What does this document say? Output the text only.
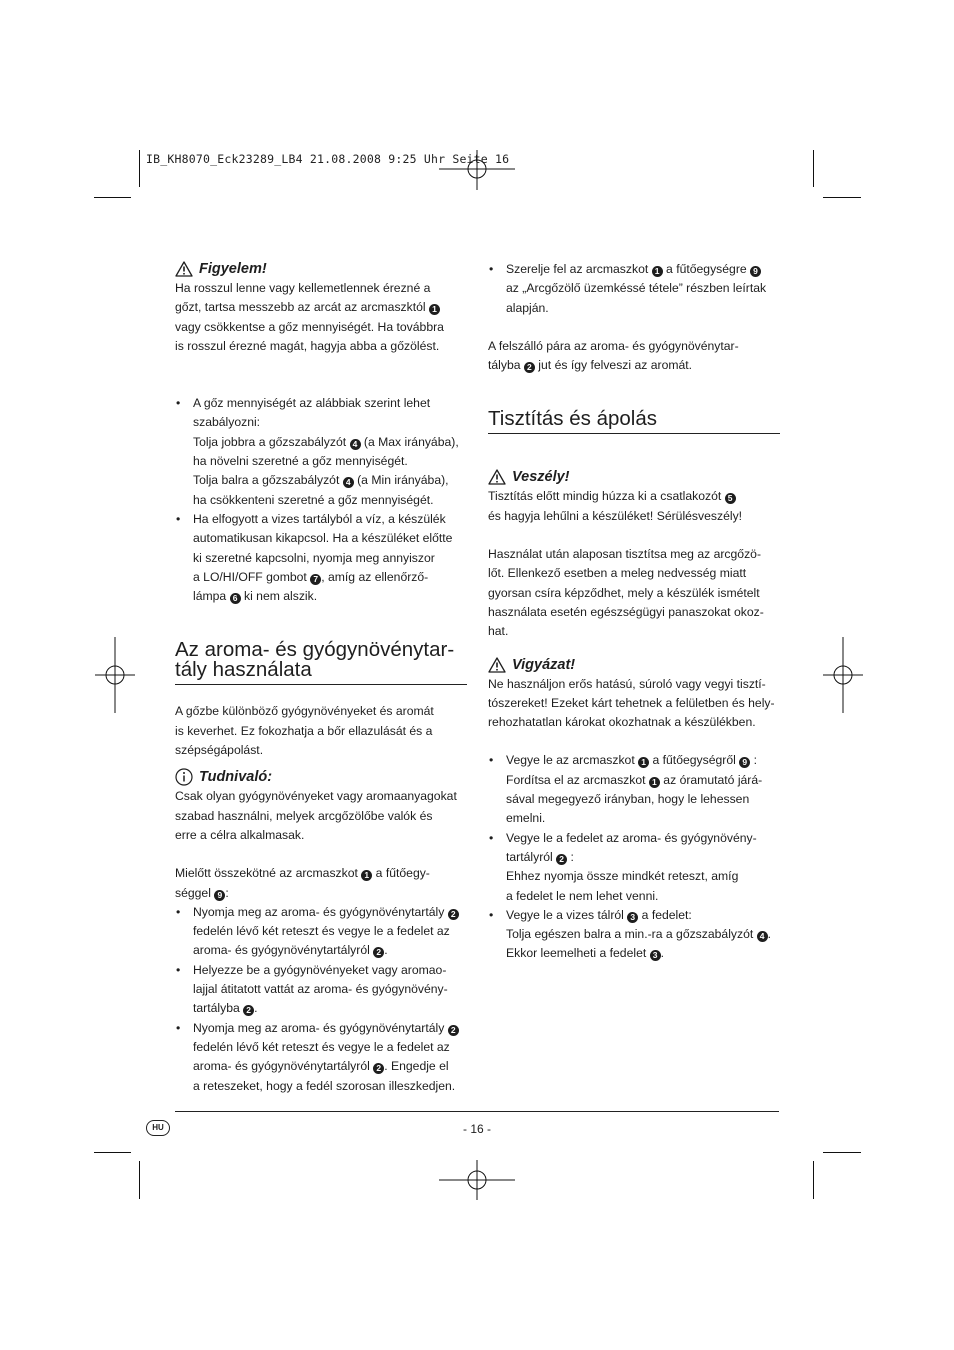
IB_KH8070_Eck23289_LB4 21.08.2008 9:25 Uhr Seite 16
Figyelem!

Ha rosszul lenne vagy kellemetlennek érezné a

gőzt, tartsa messzebb az arcát az arcmaszktól 1

vagy csökkentse a gőz mennyiségét. Ha továbbra

is rosszul érezné magát, hagyja abba a gőzölést.

• A gőz mennyiségét az alábbiak szerint lehet

szabályozni:

Tolja jobbra a gőzszabályzót 4 (a Max irányába),

ha növelni szeretné a gőz mennyiségét.

Tolja balra a gőzszabályzót 4 (a Min irányába),

ha csökkenteni szeretné a gőz mennyiségét.

• Ha elfogyott a vizes tartályból a víz, a készülék

automatikusan kikapcsol. Ha a készüléket előtte

ki szeretné kapcsolni, nyomja meg annyiszor

a LO/HI/OFF gombot 7 , amíg az ellenőrző-

lámpa 6 ki nem alszik.

Az aroma- és gyógynövénytar-
tály használata

A gőzbe különböző gyógynövényeket és aromát

is keverhet. Ez fokozhatja a bőr ellazulását és a

szépségápolást.

Tudnivaló:

Csak olyan gyógynövényeket vagy aromaanyagokat

szabad használni, melyek arcgőzölőbe valók és

erre a célra alkalmasak.

Mielőtt összekötné az arcmaszkot 1 a fűtőegy-

séggel 9 :

• Nyomja meg az aroma- és gyógynövénytartály 2

fedelén lévő két reteszt és vegye le a fedelet az

aroma- és gyógynövénytartályról 2 .

• Helyezze be a gyógynövényeket vagy aromao-

lajjal átitatott vattát az aroma- és gyógynövény-

tartályba 2 .

• Nyomja meg az aroma- és gyógynövénytartály 2

fedelén lévő két reteszt és vegye le a fedelet az

aroma- és gyógynövénytartályról 2 . Engedje el

a reteszeket, hogy a fedél szorosan illeszkedjen.

• Szerelje fel az arcmaszkot 1 a fűtőegységre 9

az „Arcgőzölő üzemkéssé tétele” részben leírtak

alapján.

A felszálló pára az aroma- és gyógynövénytar-

tályba 2 jut és így felveszi az aromát.

Tisztítás és ápolás
Veszély!

Tisztítás előtt mindig húzza ki a csatlakozót 5

és hagyja lehűlni a készüléket! Sérülésveszély!

Használat után alaposan tisztítsa meg az arcgőzö-

lőt. Ellenkező esetben a meleg nedvesség miatt

gyorsan csíra képződhet, mely a készülék ismételt

használata esetén egészségügyi panaszokat okoz-

hat.

Vigyázat!

Ne használjon erős hatású, súroló vagy vegyi tisztí-

tószereket! Ezeket kárt tehetnek a felületben és hely-

rehozhatatlan károkat okozhatnak a készülékben.

• Vegye le az arcmaszkot 1 a fűtőegységről 9 :

Fordítsa el az arcmaszkot 1 az óramutató járá-

sával megegyező irányban, hogy le lehessen

emelni.

• Vegye le a fedelet az aroma- és gyógynövény-

tartályról 2 :

Ehhez nyomja össze mindkét reteszt, amíg

a fedelet le nem lehet venni.

• Vegye le a vizes tálról 3 a fedelet:

Tolja egészen balra a min.-ra a gőzszabályzót 4 .

Ekkor leemelheti a fedelet 3 .

HU	- 16 -
